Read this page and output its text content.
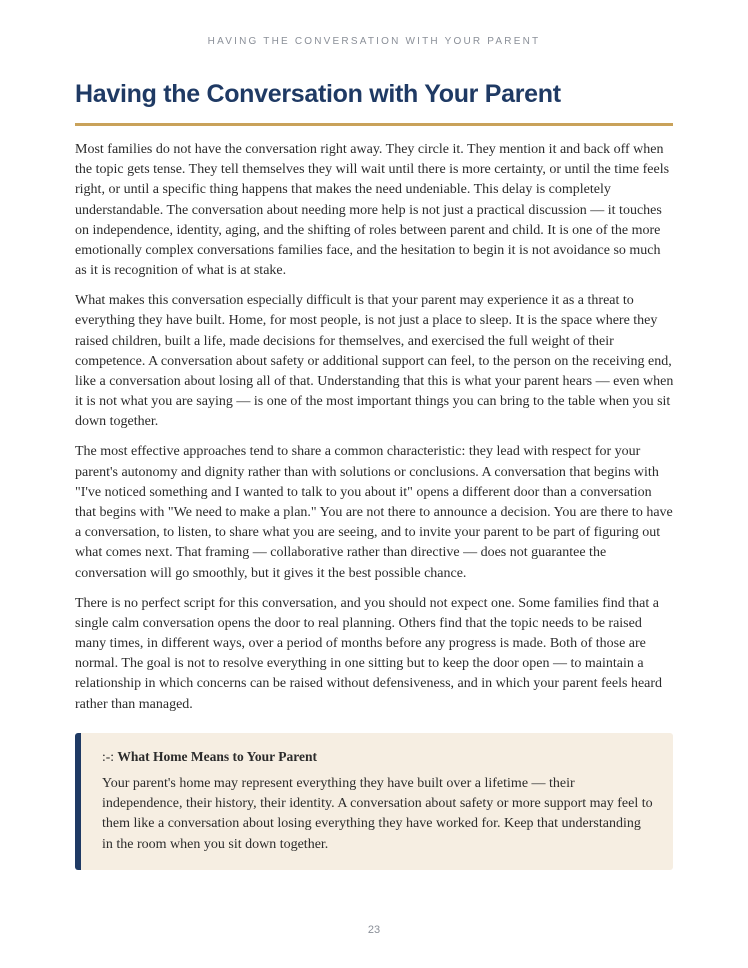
HAVING THE CONVERSATION WITH YOUR PARENT
Having the Conversation with Your Parent

Most families do not have the conversation right away. They circle it. They mention it and back off when the topic gets tense. They tell themselves they will wait until there is more certainty, or until the time feels right, or until a specific thing happens that makes the need undeniable. This delay is completely understandable. The conversation about needing more help is not just a practical discussion — it touches on independence, identity, aging, and the shifting of roles between parent and child. It is one of the more emotionally complex conversations families face, and the hesitation to begin it is not avoidance so much as it is recognition of what is at stake.

What makes this conversation especially difficult is that your parent may experience it as a threat to everything they have built. Home, for most people, is not just a place to sleep. It is the space where they raised children, built a life, made decisions for themselves, and exercised the full weight of their competence. A conversation about safety or additional support can feel, to the person on the receiving end, like a conversation about losing all of that. Understanding that this is what your parent hears — even when it is not what you are saying — is one of the most important things you can bring to the table when you sit down together.

The most effective approaches tend to share a common characteristic: they lead with respect for your parent's autonomy and dignity rather than with solutions or conclusions. A conversation that begins with "I've noticed something and I wanted to talk to you about it" opens a different door than a conversation that begins with "We need to make a plan." You are not there to announce a decision. You are there to have a conversation, to listen, to share what you are seeing, and to invite your parent to be part of figuring out what comes next. That framing — collaborative rather than directive — does not guarantee the conversation will go smoothly, but it gives it the best possible chance.

There is no perfect script for this conversation, and you should not expect one. Some families find that a single calm conversation opens the door to real planning. Others find that the topic needs to be raised many times, in different ways, over a period of months before any progress is made. Both of those are normal. The goal is not to resolve everything in one sitting but to keep the door open — to maintain a relationship in which concerns can be raised without defensiveness, and in which your parent feels heard rather than managed.

:-: What Home Means to Your Parent

Your parent's home may represent everything they have built over a lifetime — their independence, their history, their identity. A conversation about safety or more support may feel to them like a conversation about losing everything they have worked for. Keep that understanding in the room when you sit down together.

23
